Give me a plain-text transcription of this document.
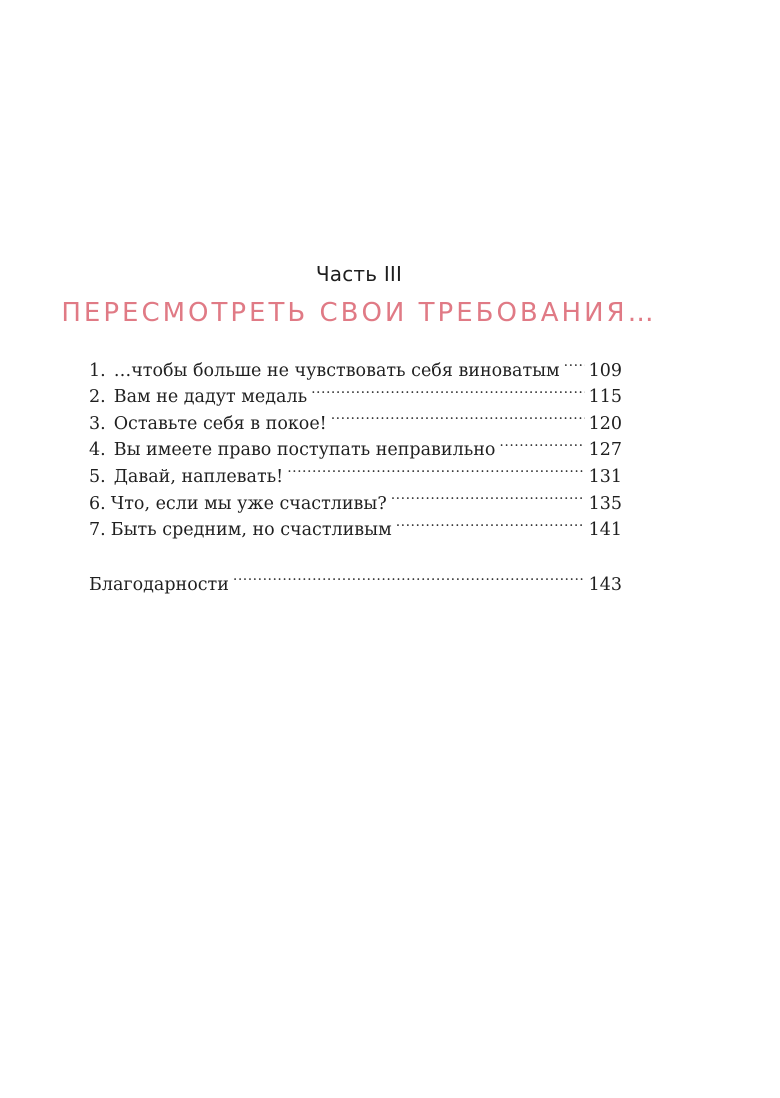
Часть III
ПЕРЕСМОТРЕТЬ СВОИ ТРЕБОВАНИЯ…
1. …чтобы больше не чувствовать себя виноватым ..... 109
2. Вам не дадут медаль .....	115
3. Оставьте себя в покое! .....	120
4. Вы имеете право поступать неправильно .....	127
5. Давай, наплевать! .....	131
6. Что, если мы уже счастливы? .....	135
7. Быть средним, но счастливым .....	141
Благодарности .....	143
